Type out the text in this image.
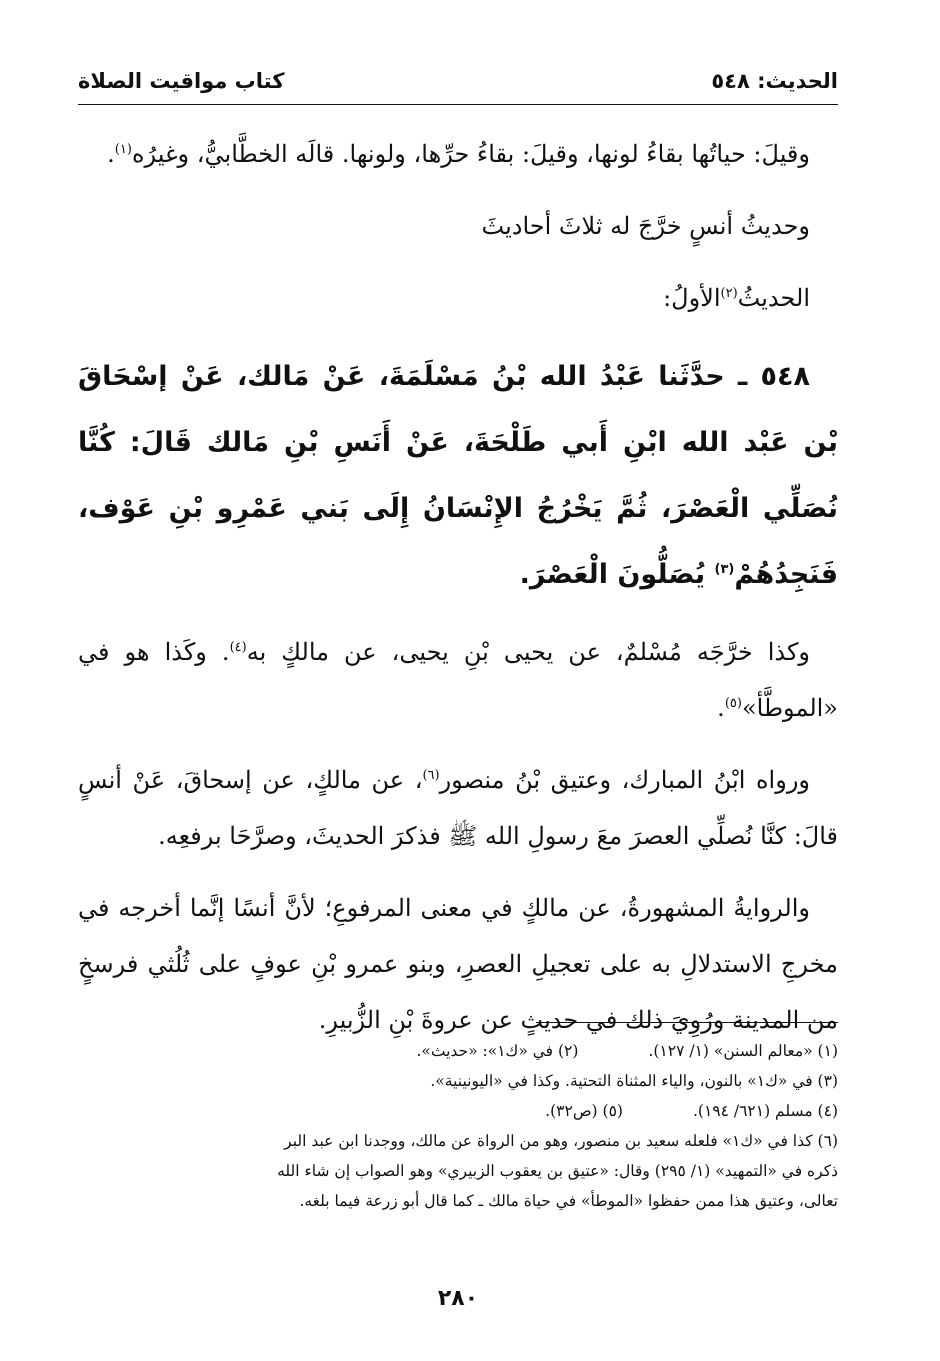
الحديث: ٥٤٨
كتاب مواقيت الصلاة

وقيلَ: حياتُها بقاءُ لونها، وقيلَ: بقاءُ حرِّها، ولونها. قالَه الخطَّابيُّ، وغيرُه$^{(١)}$.

وحديثُ أنسٍ خرَّجَ له ثلاثَ أحاديثَ

الحديثُ$^{(٢)}$الأولُ:

٥٤٨ ـ حدَّثَنا عَبْدُ الله بْنُ مَسْلَمَةَ، عَنْ مَالك، عَنْ إسْحَاقَ بْن عَبْد الله ابْنِ أَبي طَلْحَةَ، عَنْ أَنَسِ بْنِ مَالك قَالَ: كُنَّا نُصَلِّي الْعَصْرَ، ثُمَّ يَخْرُجُ الإِنْسَانُ إِلَى بَني عَمْرِو بْنِ عَوْف، فَنَجِدُهُمْ$^{(٣)}$ يُصَلُّونَ الْعَصْرَ.

وكذا خرَّجَه مُسْلمٌ، عن يحيى بْنِ يحيى، عن مالكٍ به$^{(٤)}$. وكَذا هو في «الموطَّأ»$^{(٥)}$.

ورواه ابْنُ المبارك، وعتيق بْنُ منصور$^{(٦)}$، عن مالكٍ، عن إسحاقَ، عَنْ أنسٍ قالَ: كنَّا نُصلِّي العصرَ معَ رسولِ الله ﷺ فذكرَ الحديثَ، وصرَّحَا برفعِه.

والروايةُ المشهورةُ، عن مالكٍ في معنى المرفوعِ؛ لأنَّ أنسًا إنَّما أخرجه في مخرجِ الاستدلالِ به على تعجيلِ العصرِ، وبنو عمرو بْنِ عوفٍ على ثُلُثي فرسخٍ من المدينة ورُوِيَ ذلك في حديثٍ عن عروةَ بْنِ الزُّبيرِ.

(١) «معالم السنن» (١/ ١٢٧).
(٢) في «ك١»: «حديث».
(٣) في «ك١» بالنون، والياء المثناة التحتية. وكذا في «اليونينية».
(٤) مسلم (٦٢١/ ١٩٤).
(٥) (ص٣٢).
(٦) كذا في «ك١» فلعله سعيد بن منصور، وهو من الرواة عن مالك، ووجدنا ابن عبد البر
ذكره في «التمهيد» (١/ ٢٩٥) وقال: «عتيق بن يعقوب الزبيري» وهو الصواب إن شاء الله
تعالى، وعتيق هذا ممن حفظوا «الموطأ» في حياة مالك ـ كما قال أبو زرعة فيما بلغه.
٢٨٠
